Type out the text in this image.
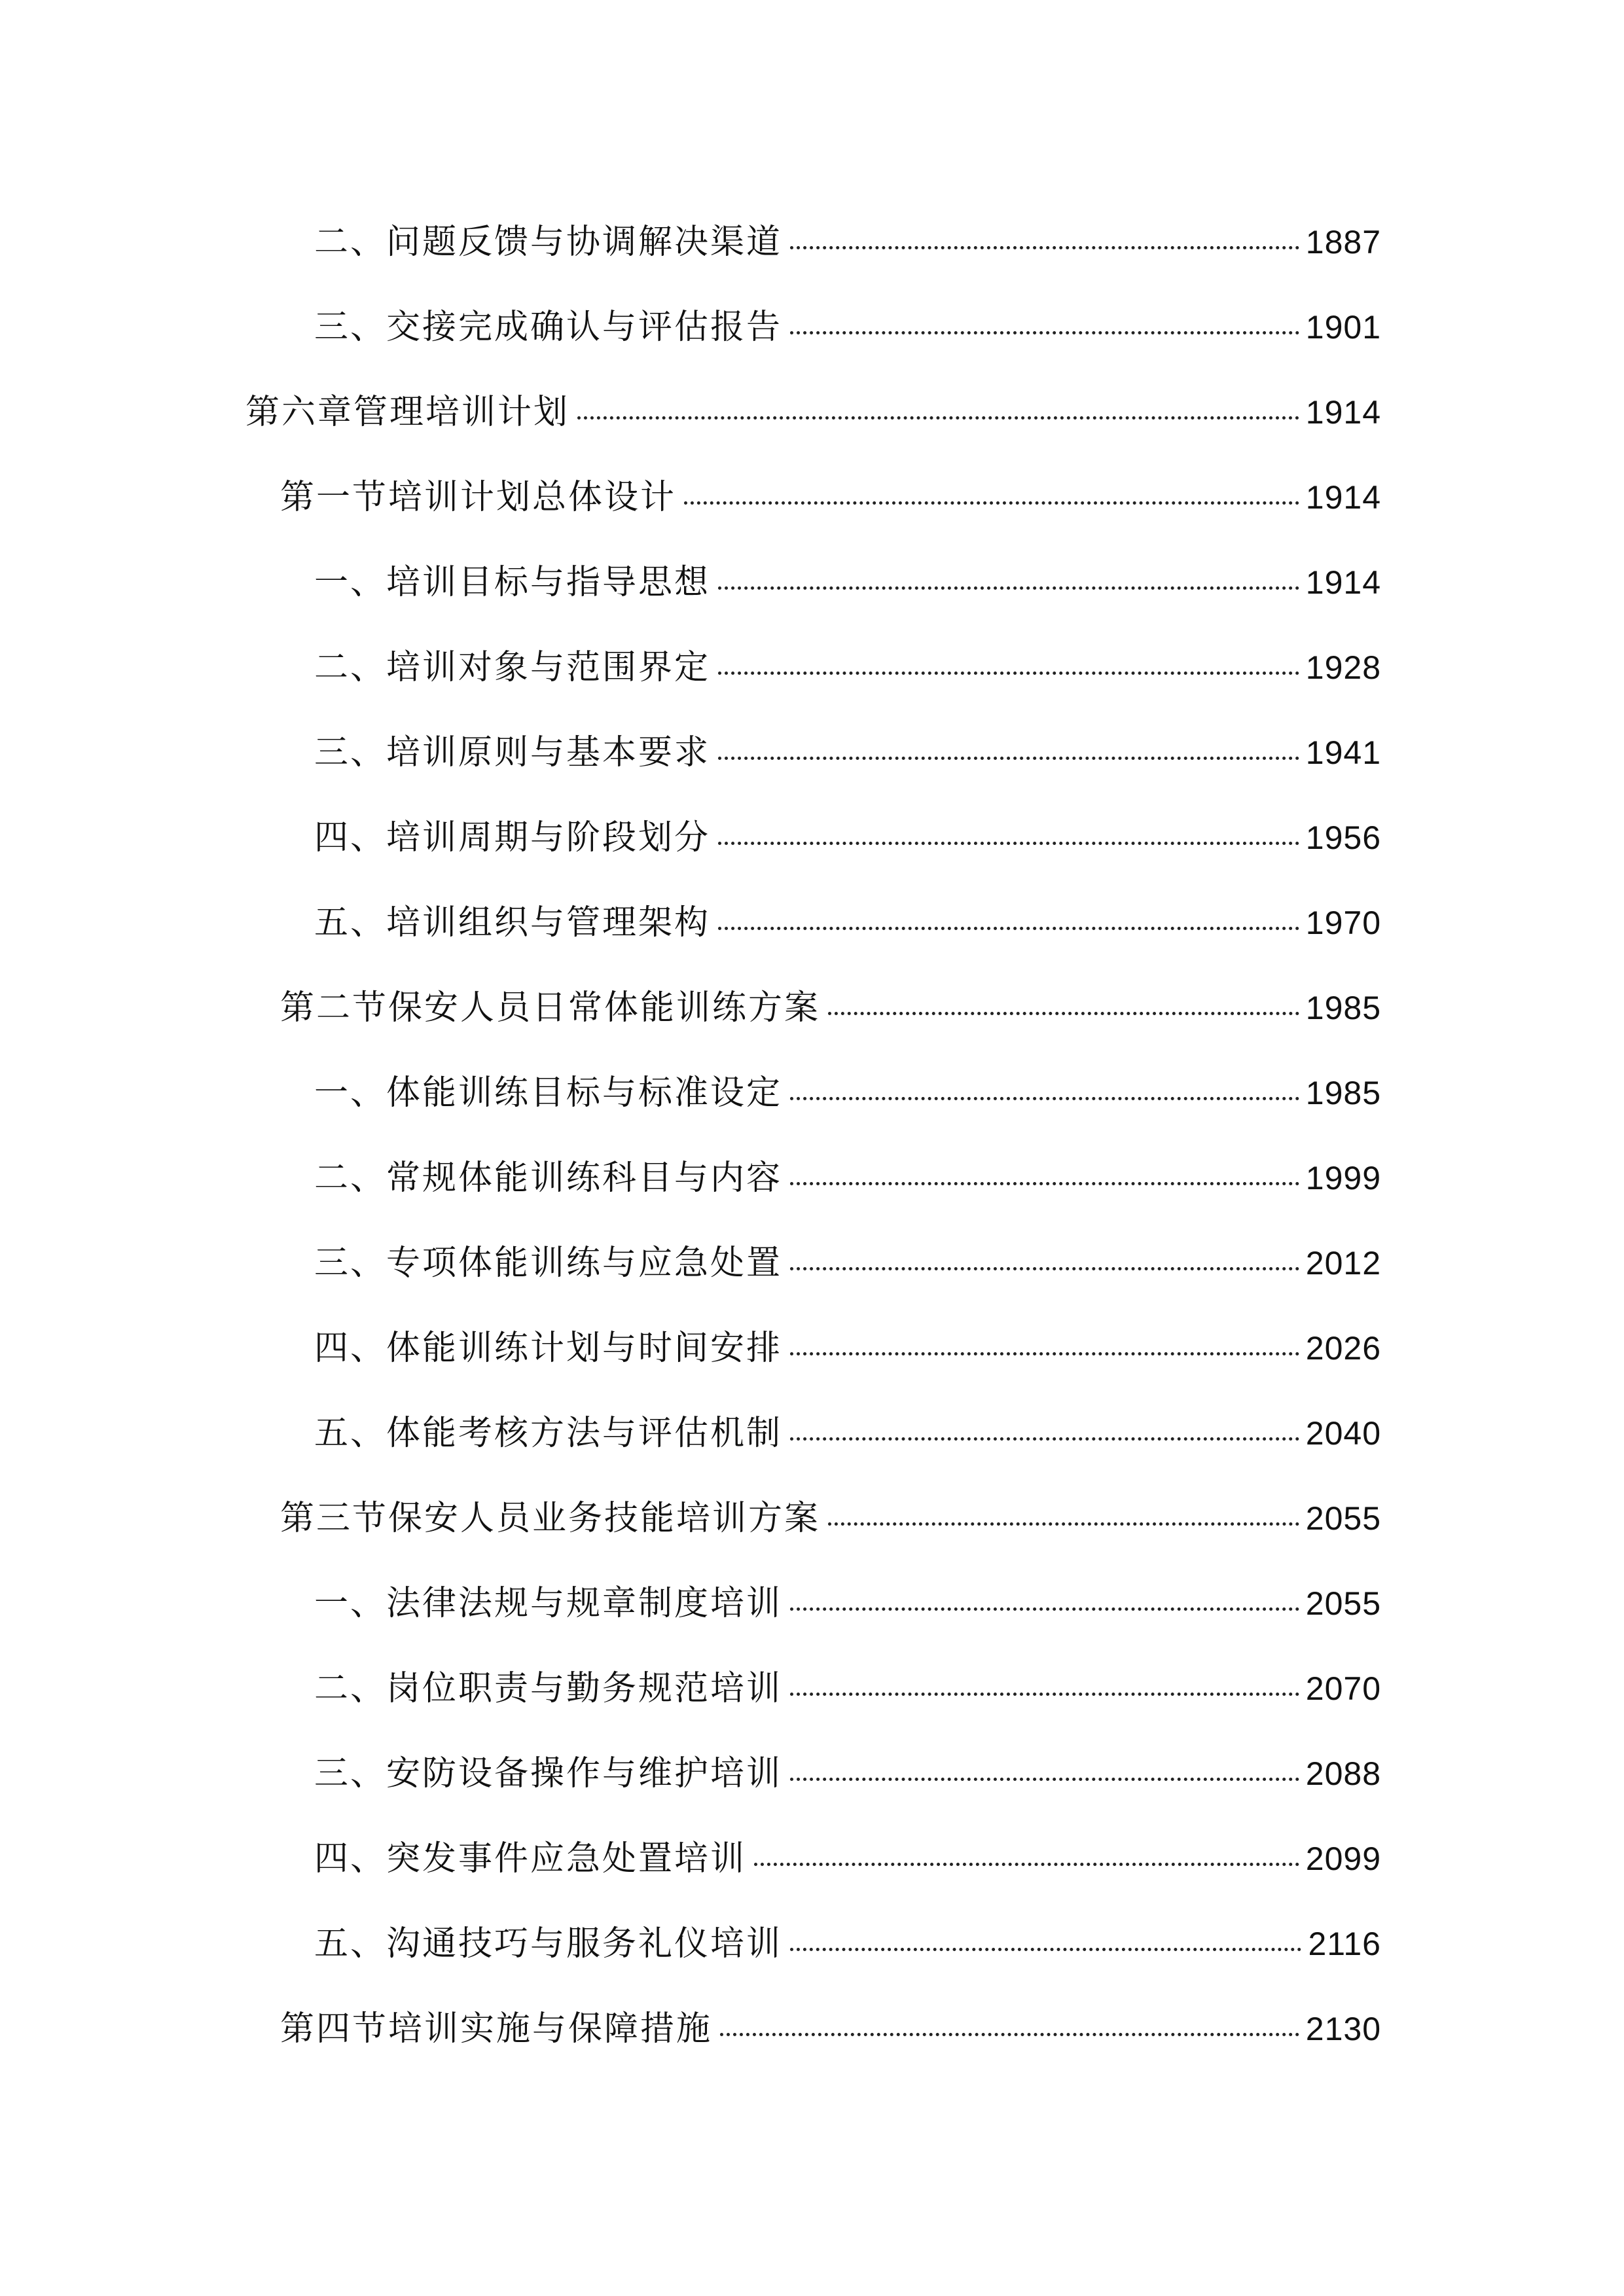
二、问题反馈与协调解决渠道	1887
三、交接完成确认与评估报告	1901
第六章管理培训计划	1914
第一节培训计划总体设计	1914
一、培训目标与指导思想	1914
二、培训对象与范围界定	1928
三、培训原则与基本要求	1941
四、培训周期与阶段划分	1956
五、培训组织与管理架构	1970
第二节保安人员日常体能训练方案	1985
一、体能训练目标与标准设定	1985
二、常规体能训练科目与内容	1999
三、专项体能训练与应急处置	2012
四、体能训练计划与时间安排	2026
五、体能考核方法与评估机制	2040
第三节保安人员业务技能培训方案	2055
一、法律法规与规章制度培训	2055
二、岗位职责与勤务规范培训	2070
三、安防设备操作与维护培训	2088
四、突发事件应急处置培训	2099
五、沟通技巧与服务礼仪培训	2116
第四节培训实施与保障措施	2130
